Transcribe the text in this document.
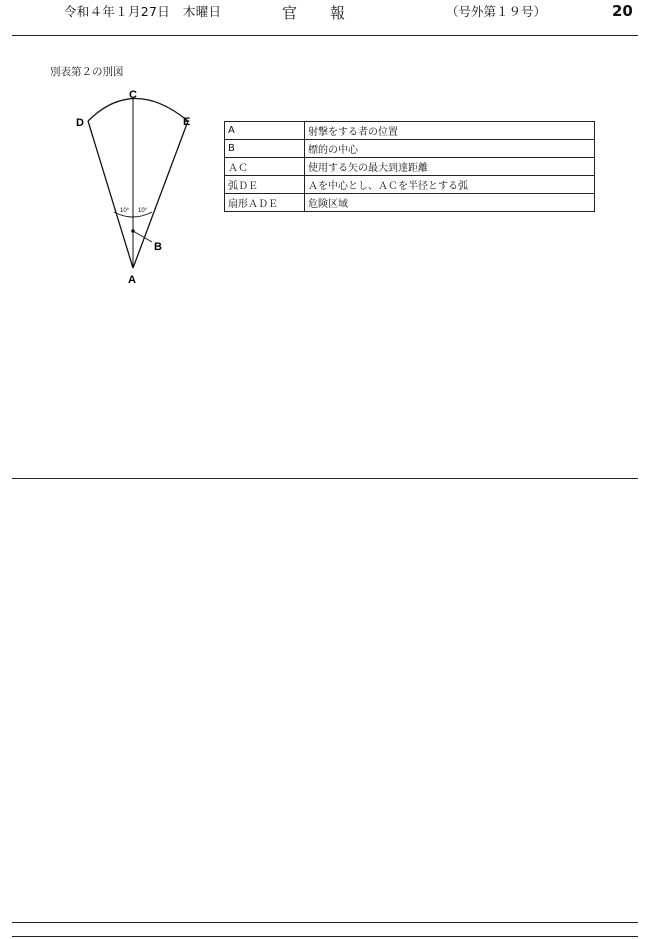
令和４年１月27日　木曜日	官　　報	（号外第１９号）	20
別表第２の別図
C
D	E
B
A
10° 10°
A	射撃をする者の位置
B	標的の中心
ＡＣ	使用する矢の最大到達距離
弧ＤＥ	Ａを中心とし、ＡＣを半径とする弧
扇形ＡＤＥ	危険区域
